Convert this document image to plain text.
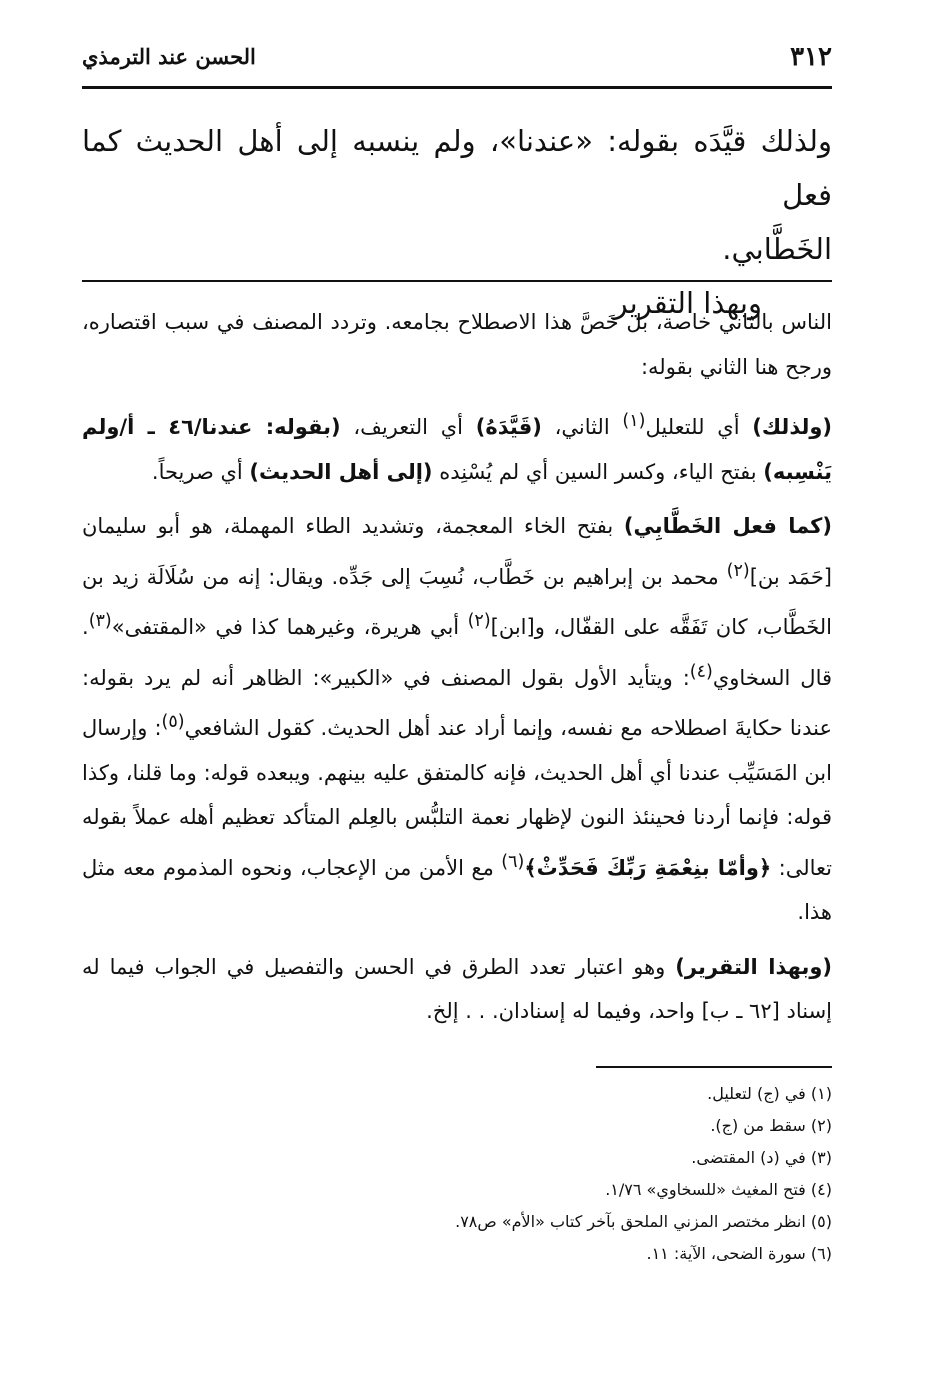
٣١٢
الحسن عند الترمذي

ولذلك قيَّدَه بقوله: «عندنا»، ولم ينسبه إلى أهل الحديث كما فعل

الخَطَّابي.

وبهذا التقرير

الناس بالثاني خاصة، بل خَصَّ هذا الاصطلاح بجامعه. وتردد المصنف في سبب اقتصاره، ورجح هنا الثاني بقوله:

(ولذلك) أي للتعليل$^{(١)}$ الثاني، (قَيَّدَهُ) أي التعريف، (بقوله: عندنا/٤٦ ـ أ/ولم يَنْسِبه) بفتح الياء، وكسر السين أي لم يُسْنِده (إلى أهل الحديث) أي صريحاً.

(كما فعل الخَطَّابِي) بفتح الخاء المعجمة، وتشديد الطاء المهملة، هو أبو سليمان [حَمَد بن]$^{(٢)}$ محمد بن إبراهيم بن خَطَّاب، نُسِبَ إلى جَدِّه. ويقال: إنه من سُلَالَة زيد بن الخَطَّاب، كان تَفَقَّه على القفّال، و[ابن]$^{(٢)}$ أبي هريرة، وغيرهما كذا في «المقتفى»$^{(٣)}$. قال السخاوي$^{(٤)}$: ويتأيد الأول بقول المصنف في «الكبير»: الظاهر أنه لم يرد بقوله: عندنا حكايةَ اصطلاحه مع نفسه، وإنما أراد عند أهل الحديث. كقول الشافعي$^{(٥)}$: وإرسال ابن المَسَيِّب عندنا أي أهل الحديث، فإنه كالمتفق عليه بينهم. ويبعده قوله: وما قلنا، وكذا قوله: فإنما أردنا فحينئذ النون لإظهار نعمة التلبُّس بالعِلم المتأكد تعظيم أهله عملاً بقوله تعالى: ﴿وأمّا بنِعْمَةِ رَبِّكَ فَحَدِّثْ﴾$^{(٦)}$ مع الأمن من الإعجاب، ونحوه المذموم معه مثل هذا.

(وبهذا التقرير) وهو اعتبار تعدد الطرق في الحسن والتفصيل في الجواب فيما له إسناد [٦٢ ـ ب] واحد، وفيما له إسنادان. . . إلخ.

(١) في (ج) لتعليل.

(٢) سقط من (ج).

(٣) في (د) المقتضى.

(٤) فتح المغيث «للسخاوي» ١/٧٦.

(٥) انظر مختصر المزني الملحق بآخر كتاب «الأم» ص٧٨.

(٦) سورة الضحى، الآية: ١١.
